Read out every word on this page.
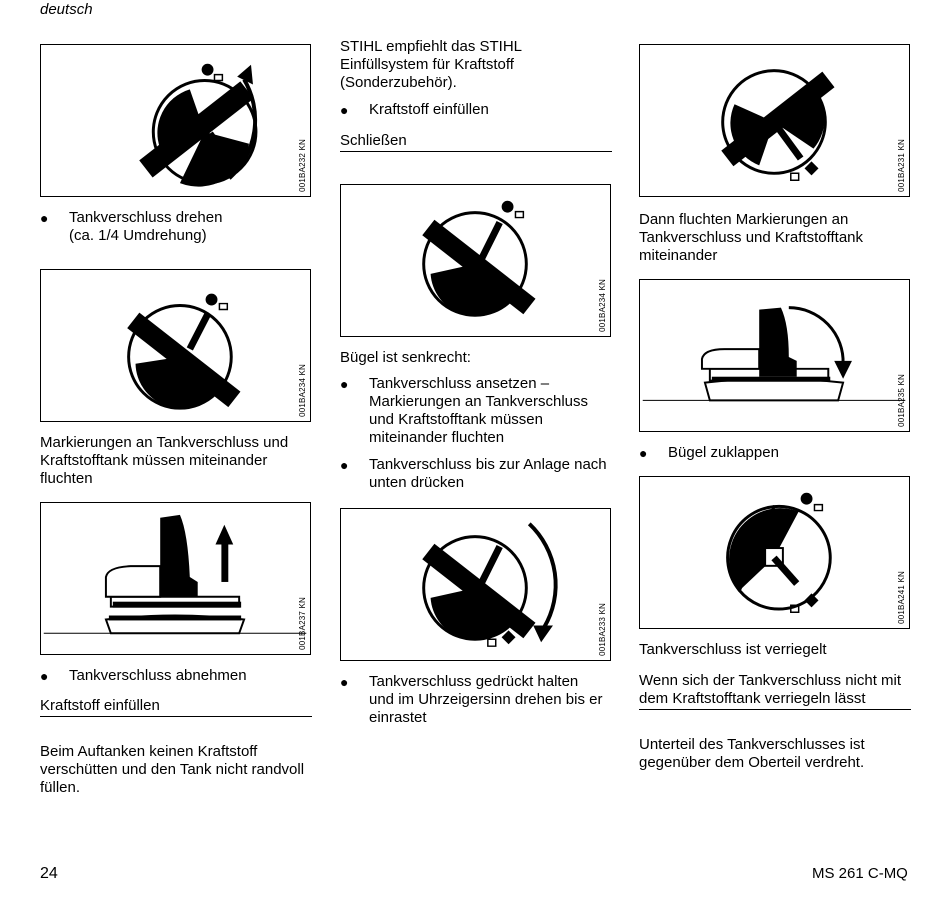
deutsch
001BA232 KN

● Tankverschluss drehen
(ca. 1/4 Umdrehung)

001BA234 KN

Markierungen an Tankverschluss und
Kraftstofftank müssen miteinander
fluchten

001BA237 KN

● Tankverschluss abnehmen

Kraftstoff einfüllen

Beim Auftanken keinen Kraftstoff
verschütten und den Tank nicht randvoll
füllen.

STIHL empfiehlt das STIHL
Einfüllsystem für Kraftstoff
(Sonderzubehör).

● Kraftstoff einfüllen

Schließen
001BA234 KN

Bügel ist senkrecht:

● Tankverschluss ansetzen –
Markierungen an Tankverschluss
und Kraftstofftank müssen
miteinander fluchten

● Tankverschluss bis zur Anlage nach
unten drücken

001BA233 KN

● Tankverschluss gedrückt halten
und im Uhrzeigersinn drehen bis er
einrastet

001BA231 KN

Dann fluchten Markierungen an
Tankverschluss und Kraftstofftank
miteinander

001BA235 KN

● Bügel zuklappen

001BA241 KN

Tankverschluss ist verriegelt

Wenn sich der Tankverschluss nicht mit
dem Kraftstofftank verriegeln lässt

Unterteil des Tankverschlusses ist
gegenüber dem Oberteil verdreht.

24	MS 261 C-MQ
